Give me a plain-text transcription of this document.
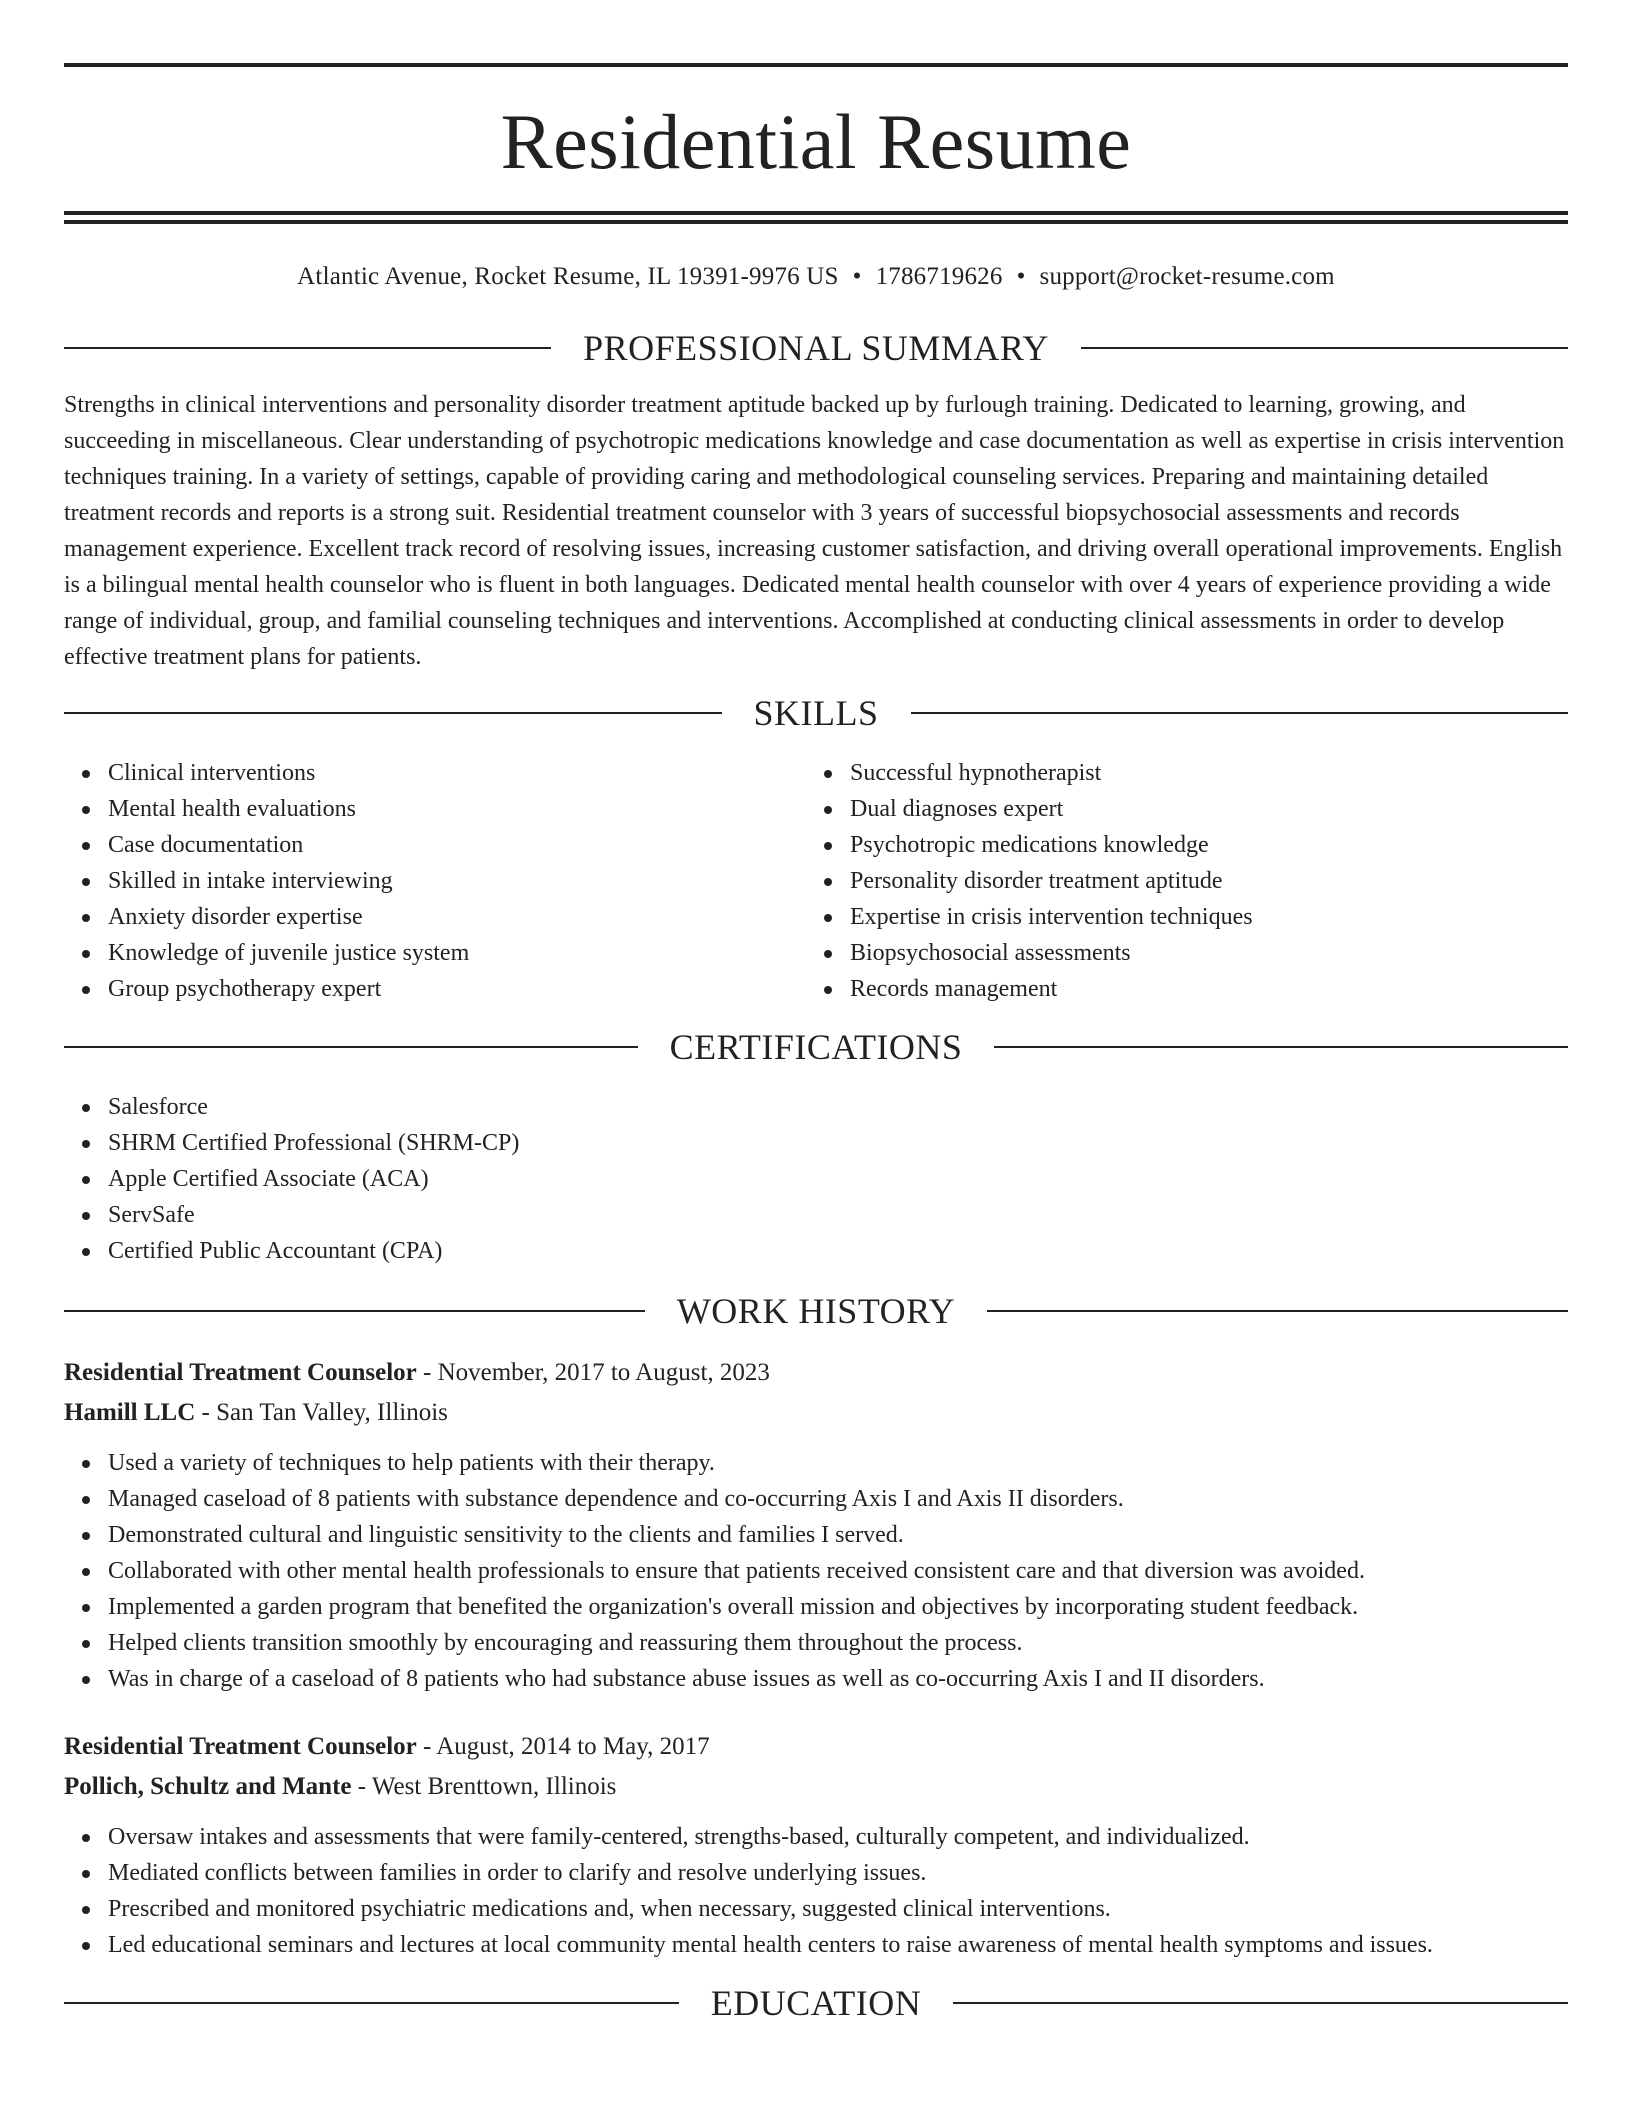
Residential Resume
Atlantic Avenue, Rocket Resume, IL 19391-9976 US • 1786719626 • support@rocket-resume.com
PROFESSIONAL SUMMARY

Strengths in clinical interventions and personality disorder treatment aptitude backed up by furlough training. Dedicated to learning, growing, and succeeding in miscellaneous. Clear understanding of psychotropic medications knowledge and case documentation as well as expertise in crisis intervention techniques training. In a variety of settings, capable of providing caring and methodological counseling services. Preparing and maintaining detailed treatment records and reports is a strong suit. Residential treatment counselor with 3 years of successful biopsychosocial assessments and records management experience. Excellent track record of resolving issues, increasing customer satisfaction, and driving overall operational improvements. English is a bilingual mental health counselor who is fluent in both languages. Dedicated mental health counselor with over 4 years of experience providing a wide range of individual, group, and familial counseling techniques and interventions. Accomplished at conducting clinical assessments in order to develop effective treatment plans for patients.

SKILLS
Clinical interventions
Mental health evaluations
Case documentation
Skilled in intake interviewing
Anxiety disorder expertise
Knowledge of juvenile justice system
Group psychotherapy expert
Successful hypnotherapist
Dual diagnoses expert
Psychotropic medications knowledge
Personality disorder treatment aptitude
Expertise in crisis intervention techniques
Biopsychosocial assessments
Records management
CERTIFICATIONS
Salesforce
SHRM Certified Professional (SHRM-CP)
Apple Certified Associate (ACA)
ServSafe
Certified Public Accountant (CPA)
WORK HISTORY
Residential Treatment Counselor - November, 2017 to August, 2023
Hamill LLC - San Tan Valley, Illinois
Used a variety of techniques to help patients with their therapy.
Managed caseload of 8 patients with substance dependence and co-occurring Axis I and Axis II disorders.
Demonstrated cultural and linguistic sensitivity to the clients and families I served.
Collaborated with other mental health professionals to ensure that patients received consistent care and that diversion was avoided.
Implemented a garden program that benefited the organization's overall mission and objectives by incorporating student feedback.
Helped clients transition smoothly by encouraging and reassuring them throughout the process.
Was in charge of a caseload of 8 patients who had substance abuse issues as well as co-occurring Axis I and II disorders.
Residential Treatment Counselor - August, 2014 to May, 2017
Pollich, Schultz and Mante - West Brenttown, Illinois
Oversaw intakes and assessments that were family-centered, strengths-based, culturally competent, and individualized.
Mediated conflicts between families in order to clarify and resolve underlying issues.
Prescribed and monitored psychiatric medications and, when necessary, suggested clinical interventions.
Led educational seminars and lectures at local community mental health centers to raise awareness of mental health symptoms and issues.
EDUCATION
